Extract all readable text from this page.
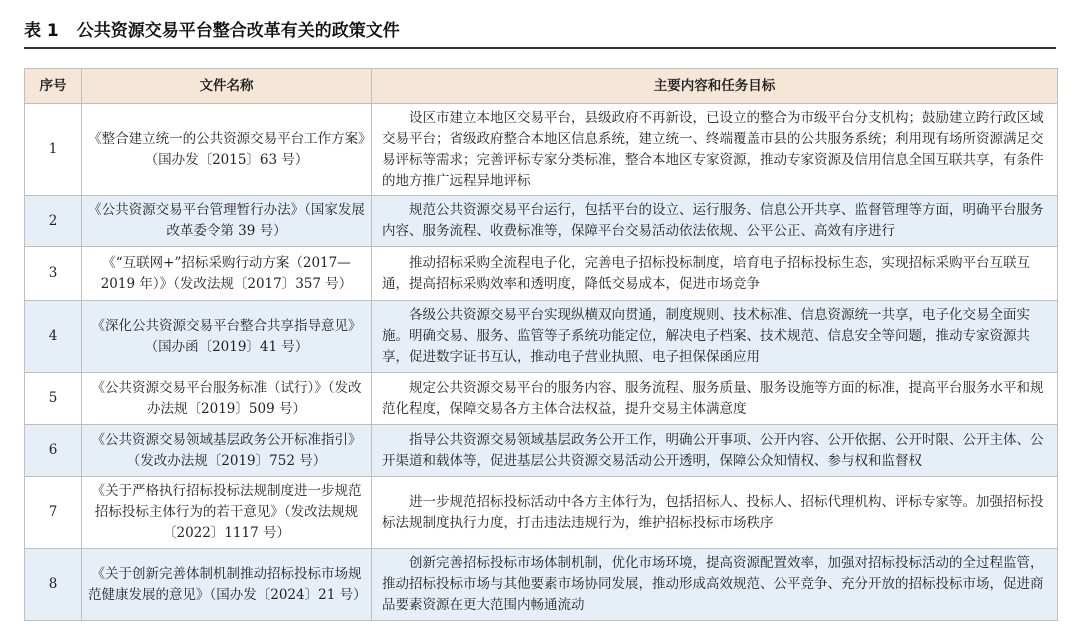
表 1 公共资源交易平台整合改革有关的政策文件
序号	文件名称	主要内容和任务目标
1	《整合建立统一的公共资源交易平台工作方案》（国办发〔2015〕63 号）	设区市建立本地区交易平台，县级政府不再新设，已设立的整合为市级平台分支机构；鼓励建立跨行政区域交易平台；省级政府整合本地区信息系统，建立统一、终端覆盖市县的公共服务系统；利用现有场所资源满足交易评标等需求；完善评标专家分类标准，整合本地区专家资源，推动专家资源及信用信息全国互联共享，有条件的地方推广远程异地评标
2	《公共资源交易平台管理暂行办法》（国家发展改革委令第 39 号）	规范公共资源交易平台运行，包括平台的设立、运行服务、信息公开共享、监督管理等方面，明确平台服务内容、服务流程、收费标准等，保障平台交易活动依法依规、公平公正、高效有序进行
3	《“互联网+”招标采购行动方案（2017—2019 年）》（发改法规〔2017〕357 号）	推动招标采购全流程电子化，完善电子招标投标制度，培育电子招标投标生态，实现招标采购平台互联互通，提高招标采购效率和透明度，降低交易成本，促进市场竞争
4	《深化公共资源交易平台整合共享指导意见》（国办函〔2019〕41 号）	各级公共资源交易平台实现纵横双向贯通，制度规则、技术标准、信息资源统一共享，电子化交易全面实施。明确交易、服务、监管等子系统功能定位，解决电子档案、技术规范、信息安全等问题，推动专家资源共享，促进数字证书互认，推动电子营业执照、电子担保保函应用
5	《公共资源交易平台服务标准（试行）》（发改办法规〔2019〕509 号）	规定公共资源交易平台的服务内容、服务流程、服务质量、服务设施等方面的标准，提高平台服务水平和规范化程度，保障交易各方主体合法权益，提升交易主体满意度
6	《公共资源交易领域基层政务公开标准指引》（发改办法规〔2019〕752 号）	指导公共资源交易领域基层政务公开工作，明确公开事项、公开内容、公开依据、公开时限、公开主体、公开渠道和载体等，促进基层公共资源交易活动公开透明，保障公众知情权、参与权和监督权
7	《关于严格执行招标投标法规制度进一步规范招标投标主体行为的若干意见》（发改法规规〔2022〕1117 号）	进一步规范招标投标活动中各方主体行为，包括招标人、投标人、招标代理机构、评标专家等。加强招标投标法规制度执行力度，打击违法违规行为，维护招标投标市场秩序
8	《关于创新完善体制机制推动招标投标市场规范健康发展的意见》（国办发〔2024〕21 号）	创新完善招标投标市场体制机制，优化市场环境，提高资源配置效率，加强对招标投标活动的全过程监管，推动招标投标市场与其他要素市场协同发展，推动形成高效规范、公平竞争、充分开放的招标投标市场，促进商品要素资源在更大范围内畅通流动
